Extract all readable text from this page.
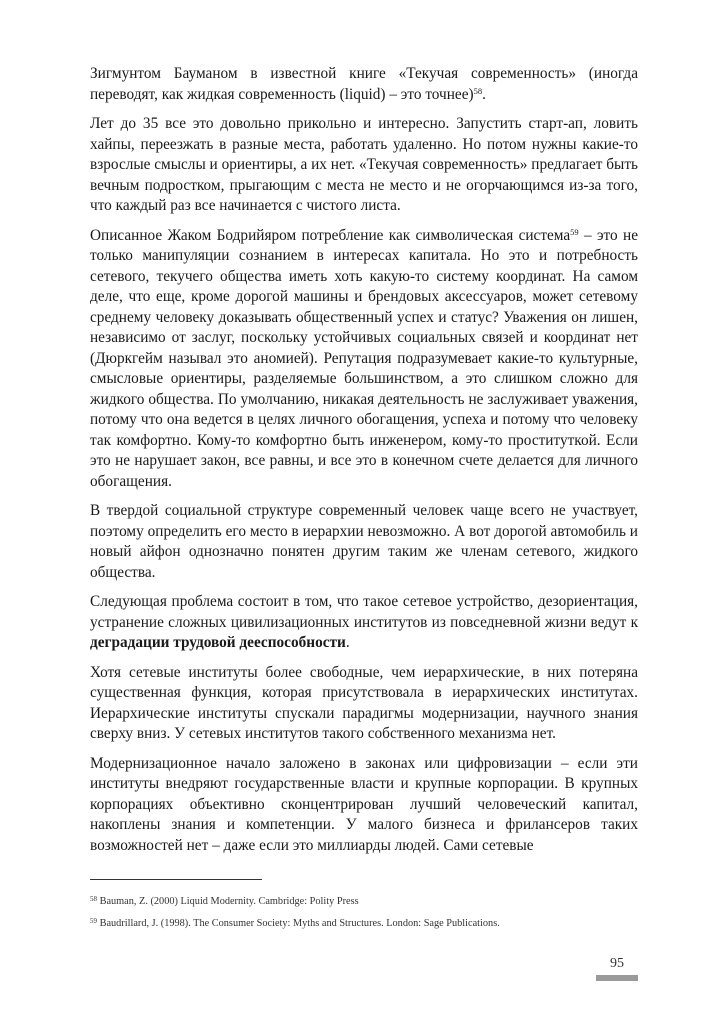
Зигмунтом Бауманом в известной книге «Текучая современность» (иногда переводят, как жидкая современность (liquid) – это точнее)$^{58}$.

Лет до 35 все это довольно прикольно и интересно. Запустить старт-ап, ловить хайпы, переезжать в разные места, работать удаленно. Но потом нужны какие-то взрослые смыслы и ориентиры, а их нет. «Текучая современность» предлагает быть вечным подростком, прыгающим с места не место и не огорчающимся из-за того, что каждый раз все начинается с чистого листа.

Описанное Жаком Бодрийяром потребление как символическая система$^{59}$ – это не только манипуляции сознанием в интересах капитала. Но это и потребность сетевого, текучего общества иметь хоть какую-то систему координат. На самом деле, что еще, кроме дорогой машины и брендовых аксессуаров, может сетевому среднему человеку доказывать общественный успех и статус? Уважения он лишен, независимо от заслуг, поскольку устойчивых социальных связей и координат нет (Дюркгейм называл это аномией). Репутация подразумевает какие-то культурные, смысловые ориентиры, разделяемые большинством, а это слишком сложно для жидкого общества. По умолчанию, никакая деятельность не заслуживает уважения, потому что она ведется в целях личного обогащения, успеха и потому что человеку так комфортно. Кому-то комфортно быть инженером, кому-то проституткой. Если это не нарушает закон, все равны, и все это в конечном счете делается для личного обогащения.

В твердой социальной структуре современный человек чаще всего не участвует, поэтому определить его место в иерархии невозможно. А вот дорогой автомобиль и новый айфон однозначно понятен другим таким же членам сетевого, жидкого общества.

Следующая проблема состоит в том, что такое сетевое устройство, дезориентация, устранение сложных цивилизационных институтов из повседневной жизни ведут к деградации трудовой дееспособности.

Хотя сетевые институты более свободные, чем иерархические, в них потеряна существенная функция, которая присутствовала в иерархических институтах. Иерархические институты спускали парадигмы модернизации, научного знания сверху вниз. У сетевых институтов такого собственного механизма нет.

Модернизационное начало заложено в законах или цифровизации – если эти институты внедряют государственные власти и крупные корпорации. В крупных корпорациях объективно сконцентрирован лучший человеческий капитал, накоплены знания и компетенции. У малого бизнеса и фрилансеров таких возможностей нет – даже если это миллиарды людей. Сами сетевые

$^{58}$ Bauman, Z. (2000) Liquid Modernity. Cambridge: Polity Press
$^{59}$ Baudrillard, J. (1998). The Consumer Society: Myths and Structures. London: Sage Publications.
95
